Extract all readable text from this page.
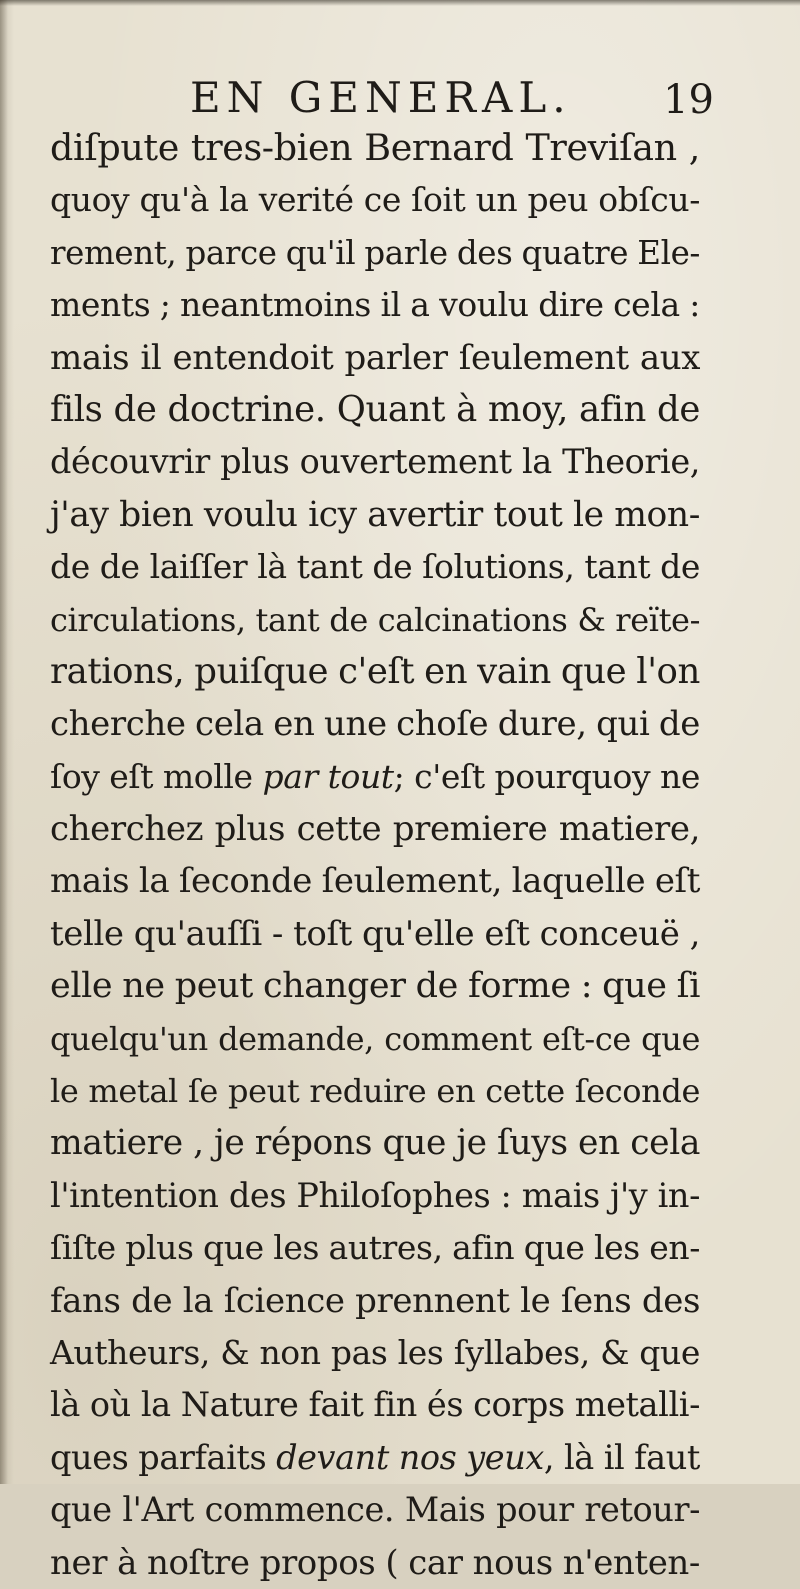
EN GENERAL. 19
diſpute tres-bien Bernard Treviſan ,
quoy qu'à la verité ce ſoit un peu obſcu-
rement, parce qu'il parle des quatre Ele-
ments ; neantmoins il a voulu dire cela :
mais il entendoit parler ſeulement aux
fils de doctrine. Quant à moy, afin de
découvrir plus ouvertement la Theorie,
j'ay bien voulu icy avertir tout le mon-
de de laiſſer là tant de ſolutions, tant de
circulations, tant de calcinations & reïte-
rations, puiſque c'eſt en vain que l'on
cherche cela en une choſe dure, qui de
ſoy eſt molle par tout; c'eſt pourquoy ne
cherchez plus cette premiere matiere,
mais la ſeconde ſeulement, laquelle eſt
telle qu'auſſi - toſt qu'elle eſt conceuë ,
elle ne peut changer de forme : que ſi
quelqu'un demande, comment eſt-ce que
le metal ſe peut reduire en cette ſeconde
matiere , je répons que je ſuys en cela
l'intention des Philoſophes : mais j'y in-
ſiſte plus que les autres, afin que les en-
fans de la ſcience prennent le ſens des
Autheurs, & non pas les ſyllabes, & que
là où la Nature fait fin és corps metalli-
ques parfaits devant nos yeux, là il faut
que l'Art commence. Mais pour retour-
ner à noſtre propos ( car nous n'enten-
